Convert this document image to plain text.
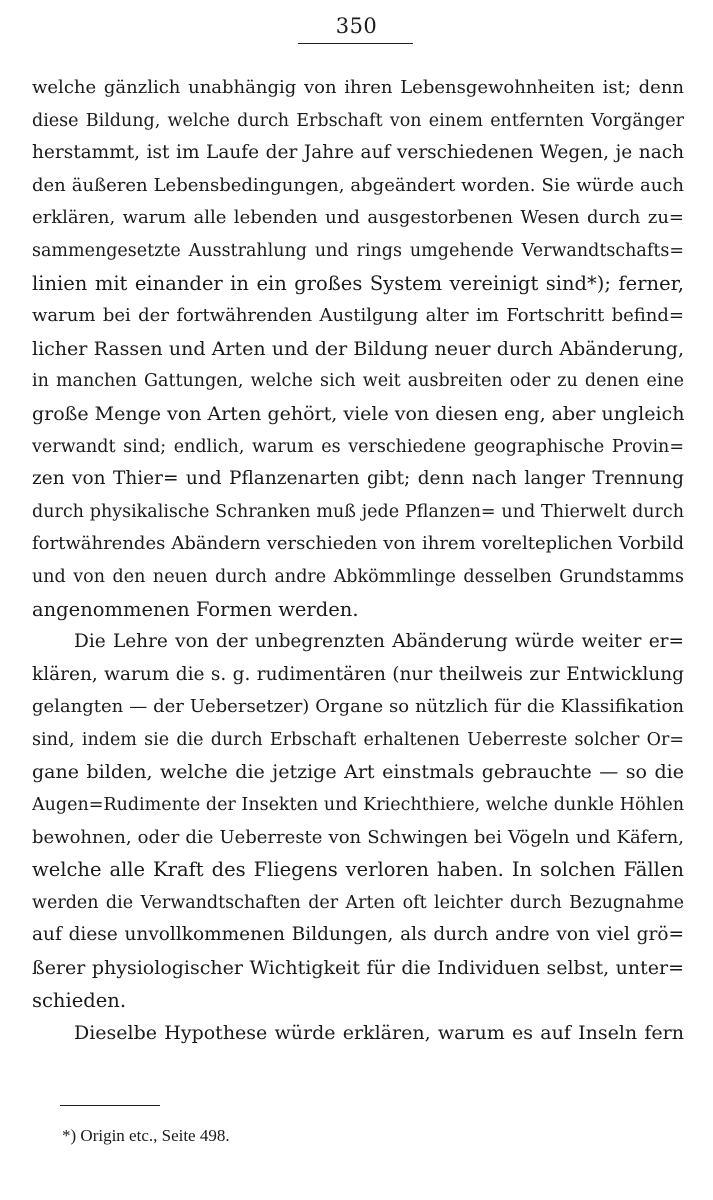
350
welche gänzlich unabhängig von ihren Lebensgewohnheiten ist; denn
diese Bildung, welche durch Erbschaft von einem entfernten Vorgänger
herstammt, ist im Laufe der Jahre auf verschiedenen Wegen, je nach
den äußeren Lebensbedingungen, abgeändert worden. Sie würde auch
erklären, warum alle lebenden und ausgestorbenen Wesen durch zu=
sammengesetzte Ausstrahlung und rings umgehende Verwandtschafts=
linien mit einander in ein großes System vereinigt sind*); ferner,
warum bei der fortwährenden Austilgung alter im Fortschritt befind=
licher Rassen und Arten und der Bildung neuer durch Abänderung,
in manchen Gattungen, welche sich weit ausbreiten oder zu denen eine
große Menge von Arten gehört, viele von diesen eng, aber ungleich
verwandt sind; endlich, warum es verschiedene geographische Provin=
zen von Thier= und Pflanzenarten gibt; denn nach langer Trennung
durch physikalische Schranken muß jede Pflanzen= und Thierwelt durch
fortwährendes Abändern verschieden von ihrem voreltерlichen Vorbild
und von den neuen durch andre Abkömmlinge desselben Grundstamms
angenommenen Formen werden.
Die Lehre von der unbegrenzten Abänderung würde weiter er=
klären, warum die s. g. rudimentären (nur theilweis zur Entwicklung
gelangten — der Uebersetzer) Organe so nützlich für die Klassifikation
sind, indem sie die durch Erbschaft erhaltenen Ueberreste solcher Or=
gane bilden, welche die jetzige Art einstmals gebrauchte — so die
Augen=Rudimente der Insekten und Kriechthiere, welche dunkle Höhlen
bewohnen, oder die Ueberreste von Schwingen bei Vögeln und Käfern,
welche alle Kraft des Fliegens verloren haben. In solchen Fällen
werden die Verwandtschaften der Arten oft leichter durch Bezugnahme
auf diese unvollkommenen Bildungen, als durch andre von viel grö=
ßerer physiologischer Wichtigkeit für die Individuen selbst, unter=
schieden.
Dieselbe Hypothese würde erklären, warum es auf Inseln fern
*) Origin etc., Seite 498.
